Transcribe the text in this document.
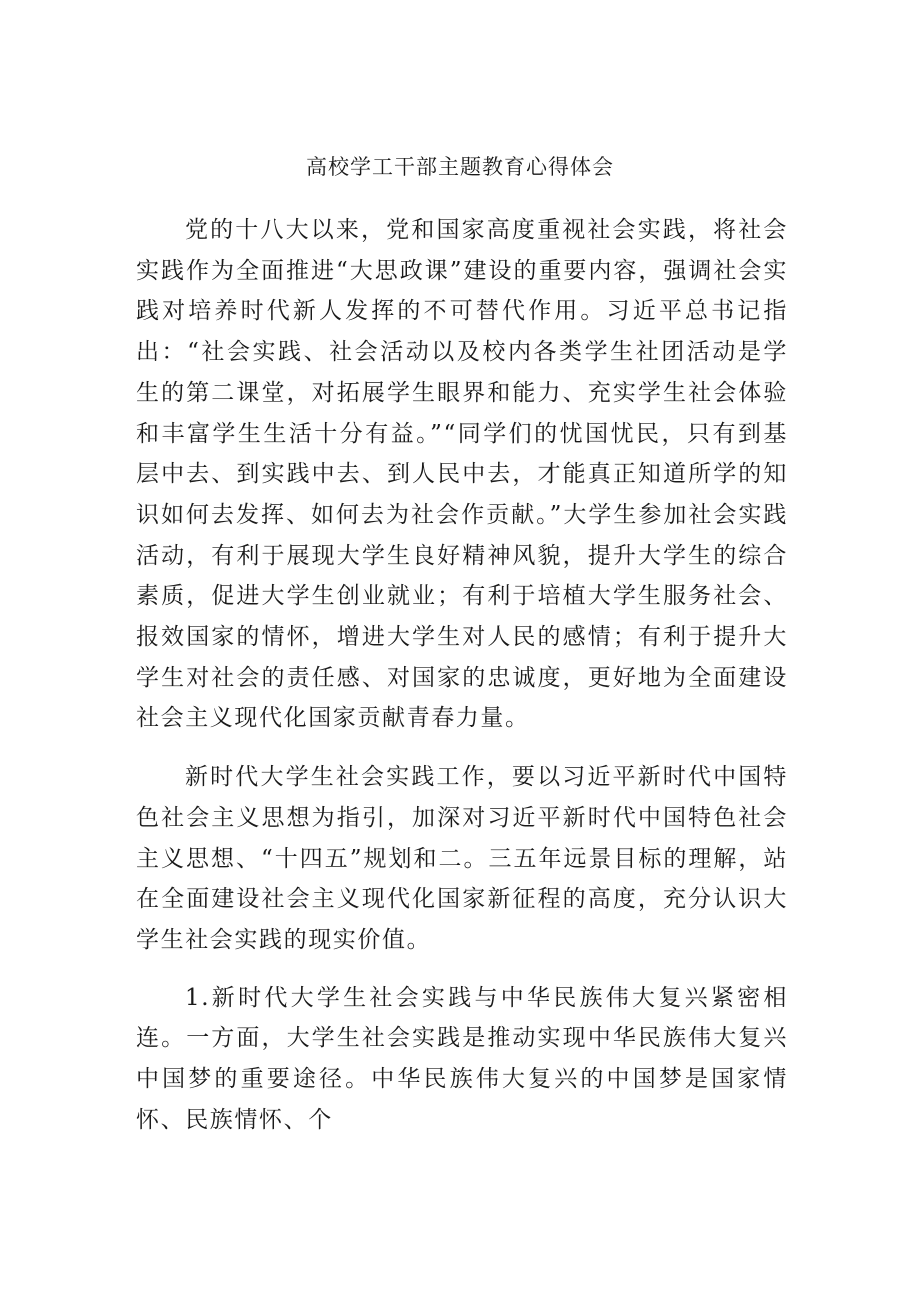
高校学工干部主题教育心得体会

党的十八大以来，党和国家高度重视社会实践，将社会实践作为全面推进“大思政课”建设的重要内容，强调社会实践对培养时代新人发挥的不可替代作用。习近平总书记指出：“社会实践、社会活动以及校内各类学生社团活动是学生的第二课堂，对拓展学生眼界和能力、充实学生社会体验和丰富学生生活十分有益。”“同学们的忧国忧民，只有到基层中去、到实践中去、到人民中去，才能真正知道所学的知识如何去发挥、如何去为社会作贡献。”大学生参加社会实践活动，有利于展现大学生良好精神风貌，提升大学生的综合素质，促进大学生创业就业；有利于培植大学生服务社会、报效国家的情怀，增进大学生对人民的感情；有利于提升大学生对社会的责任感、对国家的忠诚度，更好地为全面建设社会主义现代化国家贡献青春力量。

新时代大学生社会实践工作，要以习近平新时代中国特色社会主义思想为指引，加深对习近平新时代中国特色社会主义思想、“十四五”规划和二。三五年远景目标的理解，站在全面建设社会主义现代化国家新征程的高度，充分认识大学生社会实践的现实价值。

1.新时代大学生社会实践与中华民族伟大复兴紧密相连。一方面，大学生社会实践是推动实现中华民族伟大复兴中国梦的重要途径。中华民族伟大复兴的中国梦是国家情怀、民族情怀、个
